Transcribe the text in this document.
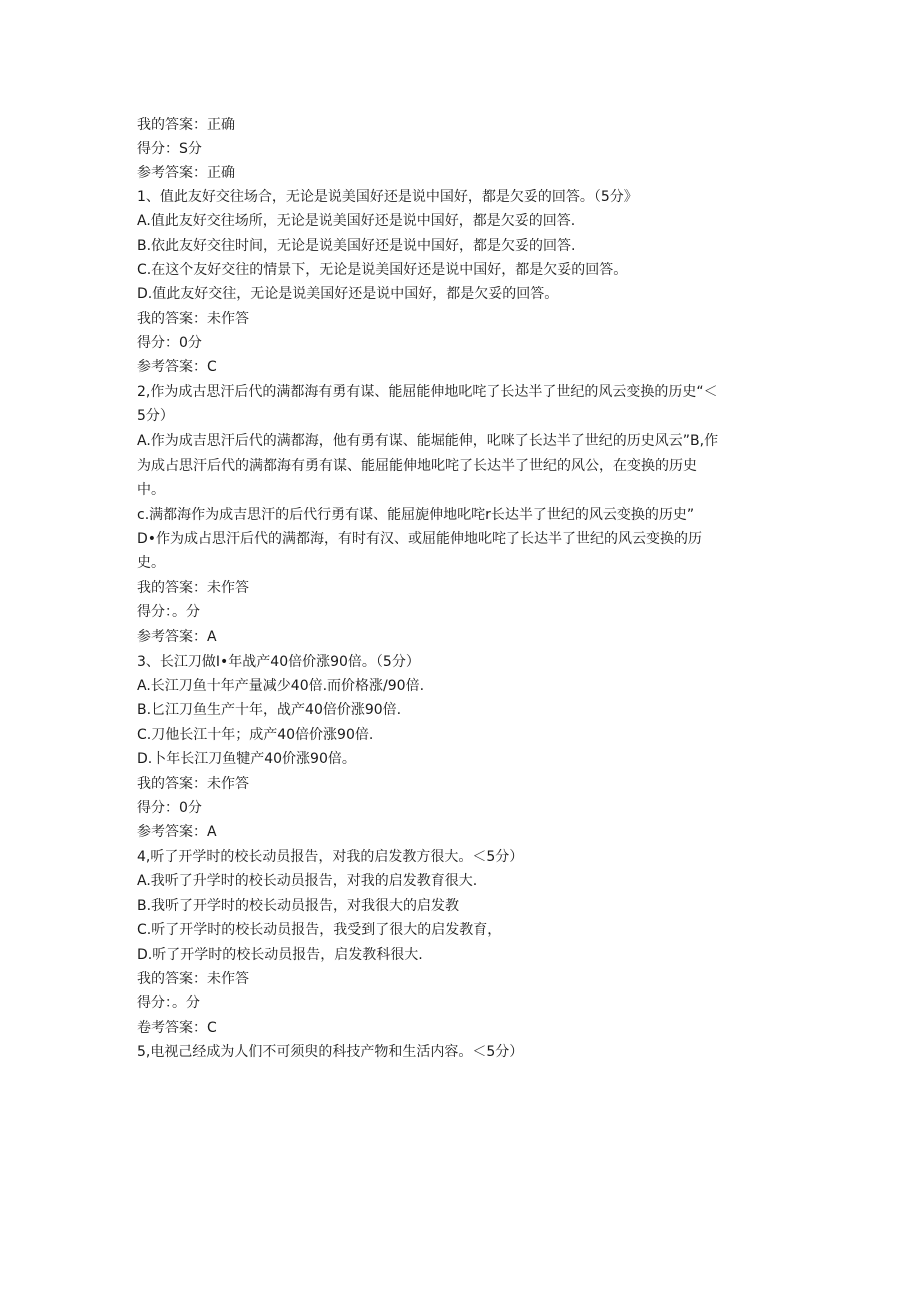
我的答案：正确
得分：S分
参考答案：正确
1、值此友好交往场合，无论是说美国好还是说中国好，都是欠妥的回答。（5分》
A.值此友好交往场所，无论是说美国好还是说中国好，都是欠妥的回答.
B.依此友好交往时间，无论是说美国好还是说中国好，都是欠妥的回答.
C.在这个友好交往的情景下，无论是说美国好还是说中国好，都是欠妥的回答。
D.值此友好交往，无论是说美国好还是说中国好，都是欠妥的回答。
我的答案：未作答
得分：0分
参考答案：C
2,作为成古思汗后代的满都海有勇有谋、能屈能伸地叱咤了长达半了世纪的风云变换的历史“＜
5分）
A.作为成吉思汗后代的满都海，他有勇有谋、能堀能伸，叱咪了长达半了世纪的历史风云”B,作
为成占思汗后代的满都海有勇有谋、能屈能伸地叱咤了长达半了世纪的风公，在变换的历史
中。
c.满都海作为成吉思汗的后代行勇有谋、能屈旎伸地叱咤r长达半了世纪的风云变换的历史”
D•作为成占思汗后代的满都海，有时有汉、或屈能伸地叱咤了长达半了世纪的风云变换的历
史。
我的答案：未作答
得分：。分
参考答案：A
3、长江刀做I•年战产40倍价涨90倍。（5分）
A.长江刀鱼十年产量减少40倍.而价格涨/90倍.
B.匕江刀鱼生产十年，战产40倍价涨90倍.
C.刀他长江十年；成产40倍价涨90倍.
D.卜年长江刀鱼犍产40价涨90倍。
我的答案：未作答
得分：0分
参考答案：A
4,听了开学时的校长动员报告，对我的启发教方很大。＜5分）
A.我听了升学时的校长动员报告，对我的启发教育很大.
B.我听了开学时的校长动员报告，对我很大的启发教
C.听了开学时的校长动员报告，我受到了很大的启发教育，
D.听了开学时的校长动员报告，启发教科很大.
我的答案：未作答
得分：。分
卷考答案：C
5,电视己经成为人们不可须臾的科技产物和生活内容。＜5分）
